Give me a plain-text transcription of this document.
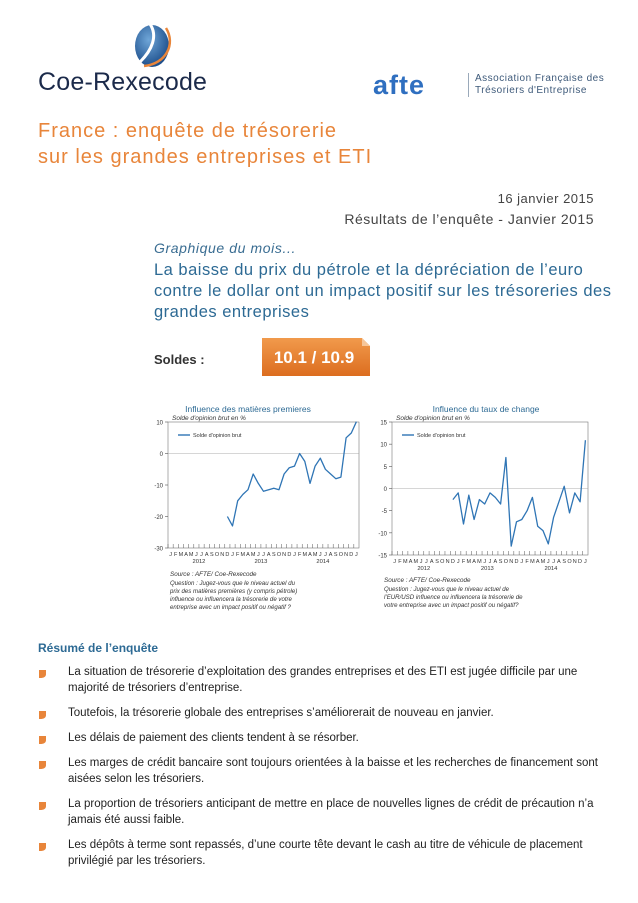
Coe-Rexecode	afte	Association Française des
Trésoriers d'Entreprise
France : enquête de trésorerie
sur les grandes entreprises et ETI
16 janvier 2015
Résultats de l’enquête - Janvier 2015
Graphique du mois...
La baisse du prix du pétrole et la dépréciation de l’euro contre le dollar ont un impact positif sur les trésoreries des grandes entreprises
Soldes :	10.1 / 10.9
Influence des matières premieres
10
0
-10
-20
-30
J F M A M J J A S O N D J F M A M J J A S O N D J F M A M J J A S O N D J
2012	2013	2014
Solde d'opinion brut en %
Solde d'opinion brut
Source : AFTE/ Coe-Rexecode
Question : Jugez-vous que le niveau actuel du prix des matières premières (y compris pétrole) influence ou influencera la trésorerie de votre entreprise avec un impact positif ou négatif ?
Influence du taux de change
15
10
5
0
-5
-10
-15
J F M A M J J A S O N D J F M A M J J A S O N D J F M A M J J A S O N D J
2012	2013	2014
Solde d'opinion brut en %
Solde d'opinion brut
Source : AFTE/ Coe-Rexecode
Question : Jugez-vous que le niveau actuel de l’EUR/USD influence ou influencera la trésorerie de votre entreprise avec un impact positif ou négatif?
Résumé de l’enquête
La situation de trésorerie d’exploitation des grandes entreprises et des ETI est jugée difficile par une majorité de trésoriers d’entreprise.
Toutefois, la trésorerie globale des entreprises s’améliorerait de nouveau en janvier.
Les délais de paiement des clients tendent à se résorber.
Les marges de crédit bancaire sont toujours orientées à la baisse et les recherches de financement sont aisées selon les trésoriers.
La proportion de trésoriers anticipant de mettre en place de nouvelles lignes de crédit de précaution n’a jamais été aussi faible.
Les dépôts à terme sont repassés, d’une courte tête devant le cash au titre de véhicule de placement privilégié par les trésoriers.
